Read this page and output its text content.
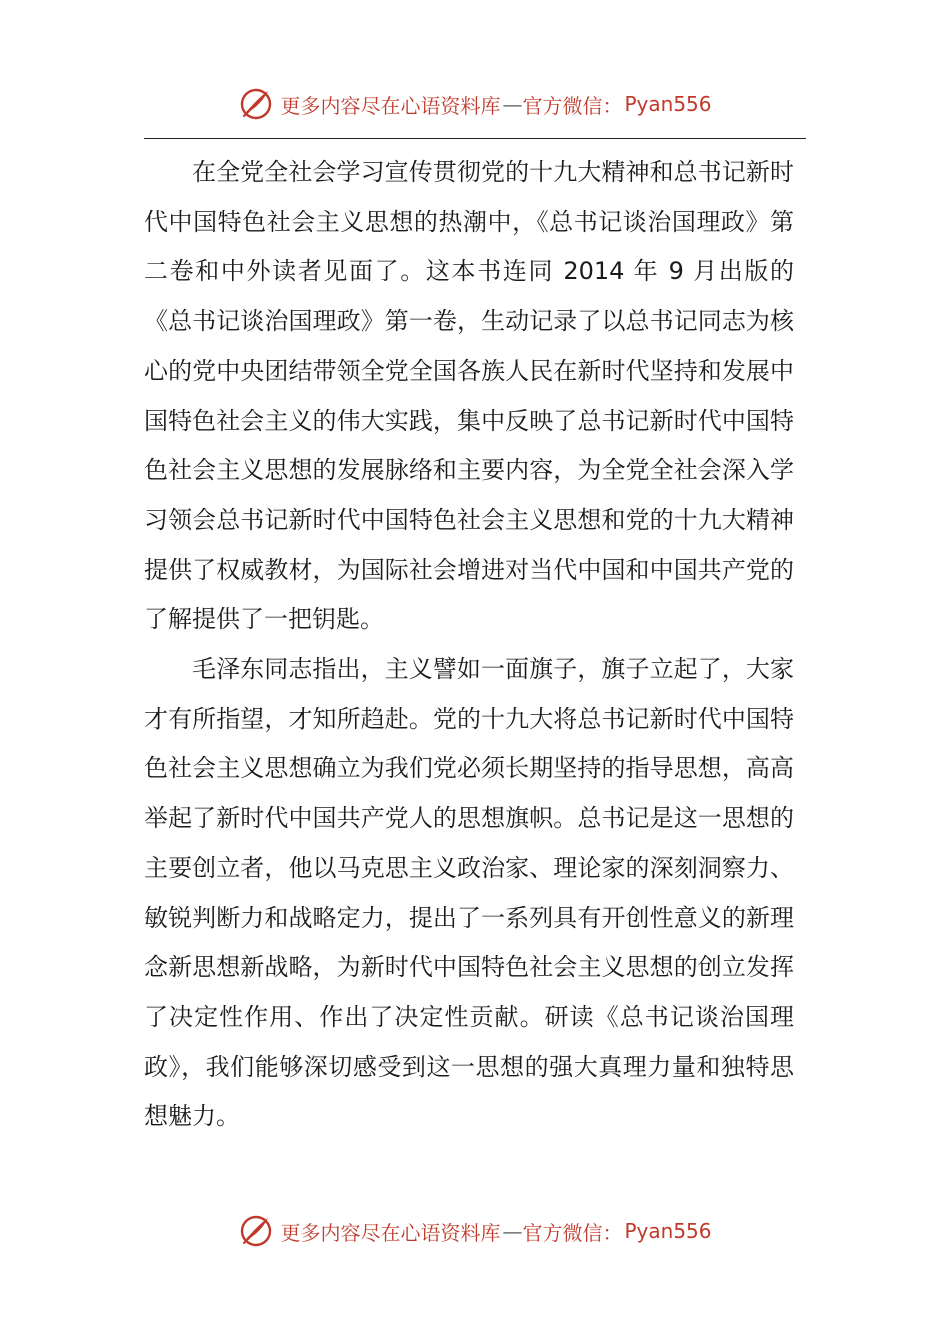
更多内容尽在心语资料库 — 官方微信： Pyan556

在全党全社会学习宣传贯彻党的十九大精神和总书记新时代中国特色社会主义思想的热潮中，《总书记谈治国理政》第二卷和中外读者见面了。这本书连同 2014 年 9 月出版的《总书记谈治国理政》第一卷，生动记录了以总书记同志为核心的党中央团结带领全党全国各族人民在新时代坚持和发展中国特色社会主义的伟大实践，集中反映了总书记新时代中国特色社会主义思想的发展脉络和主要内容，为全党全社会深入学习领会总书记新时代中国特色社会主义思想和党的十九大精神提供了权威教材，为国际社会增进对当代中国和中国共产党的了解提供了一把钥匙。

毛泽东同志指出，主义譬如一面旗子，旗子立起了，大家才有所指望，才知所趋赴。党的十九大将总书记新时代中国特色社会主义思想确立为我们党必须长期坚持的指导思想，高高举起了新时代中国共产党人的思想旗帜。总书记是这一思想的主要创立者，他以马克思主义政治家、理论家的深刻洞察力、敏锐判断力和战略定力，提出了一系列具有开创性意义的新理念新思想新战略，为新时代中国特色社会主义思想的创立发挥了决定性作用、作出了决定性贡献。研读《总书记谈治国理政》，我们能够深切感受到这一思想的强大真理力量和独特思想魅力。

更多内容尽在心语资料库 — 官方微信： Pyan556
